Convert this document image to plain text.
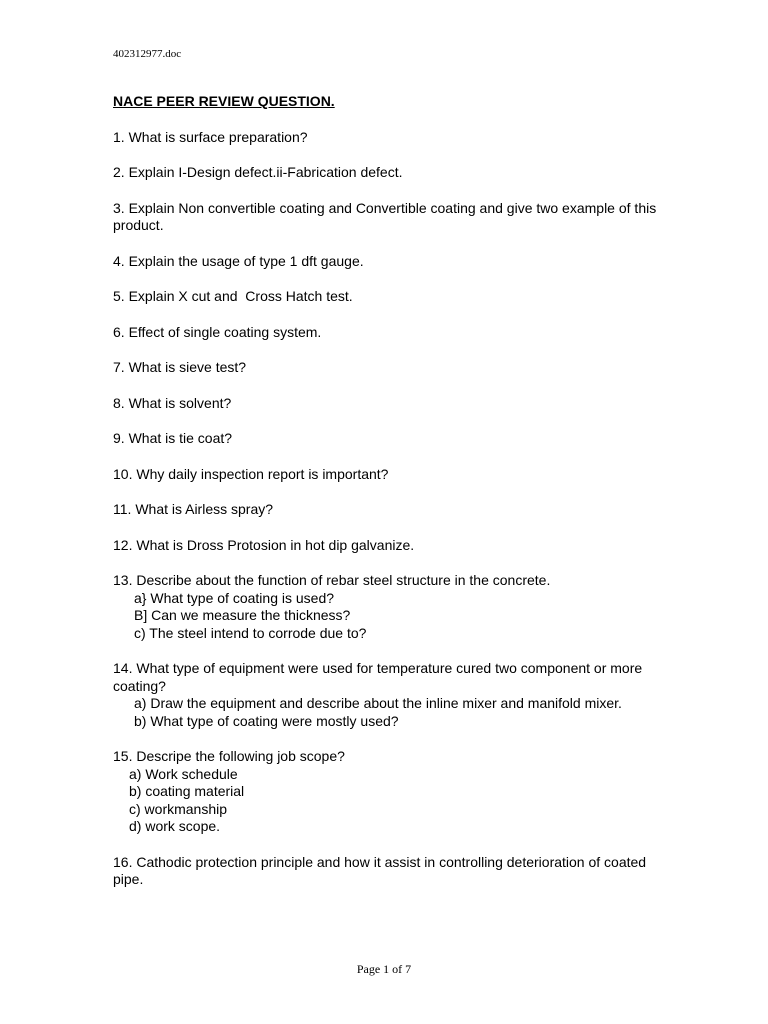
402312977.doc
NACE PEER REVIEW QUESTION.
1. What is surface preparation?
2. Explain I-Design defect.ii-Fabrication defect.
3. Explain Non convertible coating and Convertible coating and give two example of this product.
4. Explain the usage of type 1 dft gauge.
5. Explain X cut and  Cross Hatch test.
6. Effect of single coating system.
7. What is sieve test?
8. What is solvent?
9. What is tie coat?
10. Why daily inspection report is important?
11. What is Airless spray?
12. What is Dross Protosion in hot dip galvanize.
13. Describe about the function of rebar steel structure in the concrete.
a} What type of coating is used?
B] Can we measure the thickness?
c) The steel intend to corrode due to?
14. What type of equipment were used for temperature cured two component or more coating?
a) Draw the equipment and describe about the inline mixer and manifold mixer.
b) What type of coating were mostly used?
15. Descripe the following job scope?
a) Work schedule
b) coating material
c) workmanship
d) work scope.
16. Cathodic protection principle and how it assist in controlling deterioration of coated pipe.
Page 1 of 7
